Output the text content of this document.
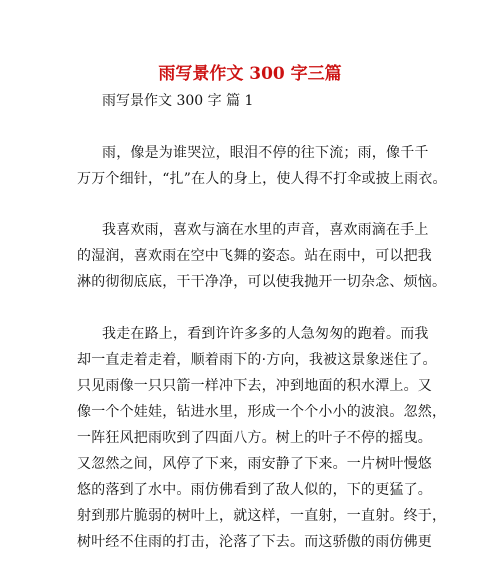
雨写景作文 300 字三篇
雨写景作文 300 字 篇 1
雨，像是为谁哭泣，眼泪不停的往下流；雨，像千千
万万个细针，“扎”在人的身上，使人得不打伞或披上雨衣。
我喜欢雨，喜欢与滴在水里的声音，喜欢雨滴在手上
的湿润，喜欢雨在空中飞舞的姿态。站在雨中，可以把我
淋的彻彻底底，干干净净，可以使我抛开一切杂念、烦恼。
我走在路上，看到许许多多的人急匆匆的跑着。而我
却一直走着走着，顺着雨下的·方向，我被这景象迷住了。
只见雨像一只只箭一样冲下去，冲到地面的积水潭上。又
像一个个娃娃，钻进水里，形成一个个小小的波浪。忽然，
一阵狂风把雨吹到了四面八方。树上的叶子不停的摇曳。
又忽然之间，风停了下来，雨安静了下来。一片树叶慢悠
悠的落到了水中。雨仿佛看到了敌人似的，下的更猛了。
射到那片脆弱的树叶上，就这样，一直射，一直射。终于，
树叶经不住雨的打击，沦落了下去。而这骄傲的雨仿佛更
